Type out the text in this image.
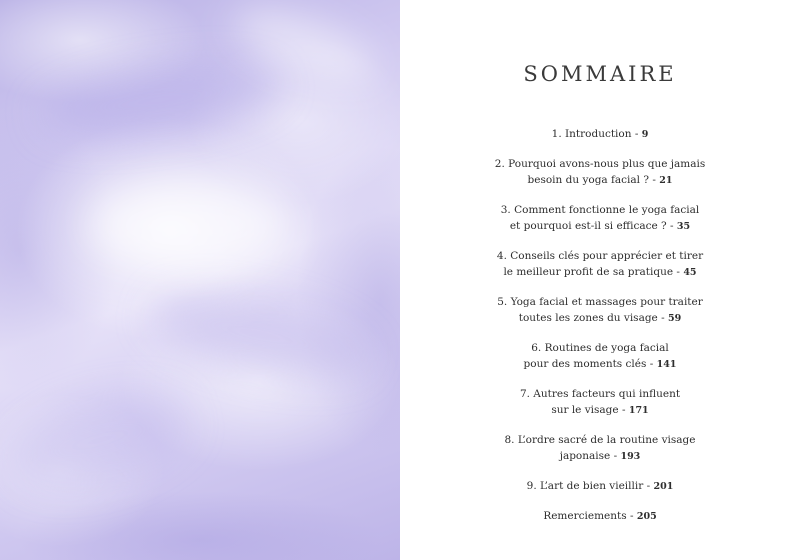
SOMMAIRE
1. Introduction - 9
2. Pourquoi avons-nous plus que jamais
besoin du yoga facial ? - 21
3. Comment fonctionne le yoga facial
et pourquoi est-il si efficace ? - 35
4. Conseils clés pour apprécier et tirer
le meilleur profit de sa pratique - 45
5. Yoga facial et massages pour traiter
toutes les zones du visage - 59
6. Routines de yoga facial
pour des moments clés - 141
7. Autres facteurs qui influent
sur le visage - 171
8. L’ordre sacré de la routine visage
japonaise - 193
9. L’art de bien vieillir - 201
Remerciements - 205
